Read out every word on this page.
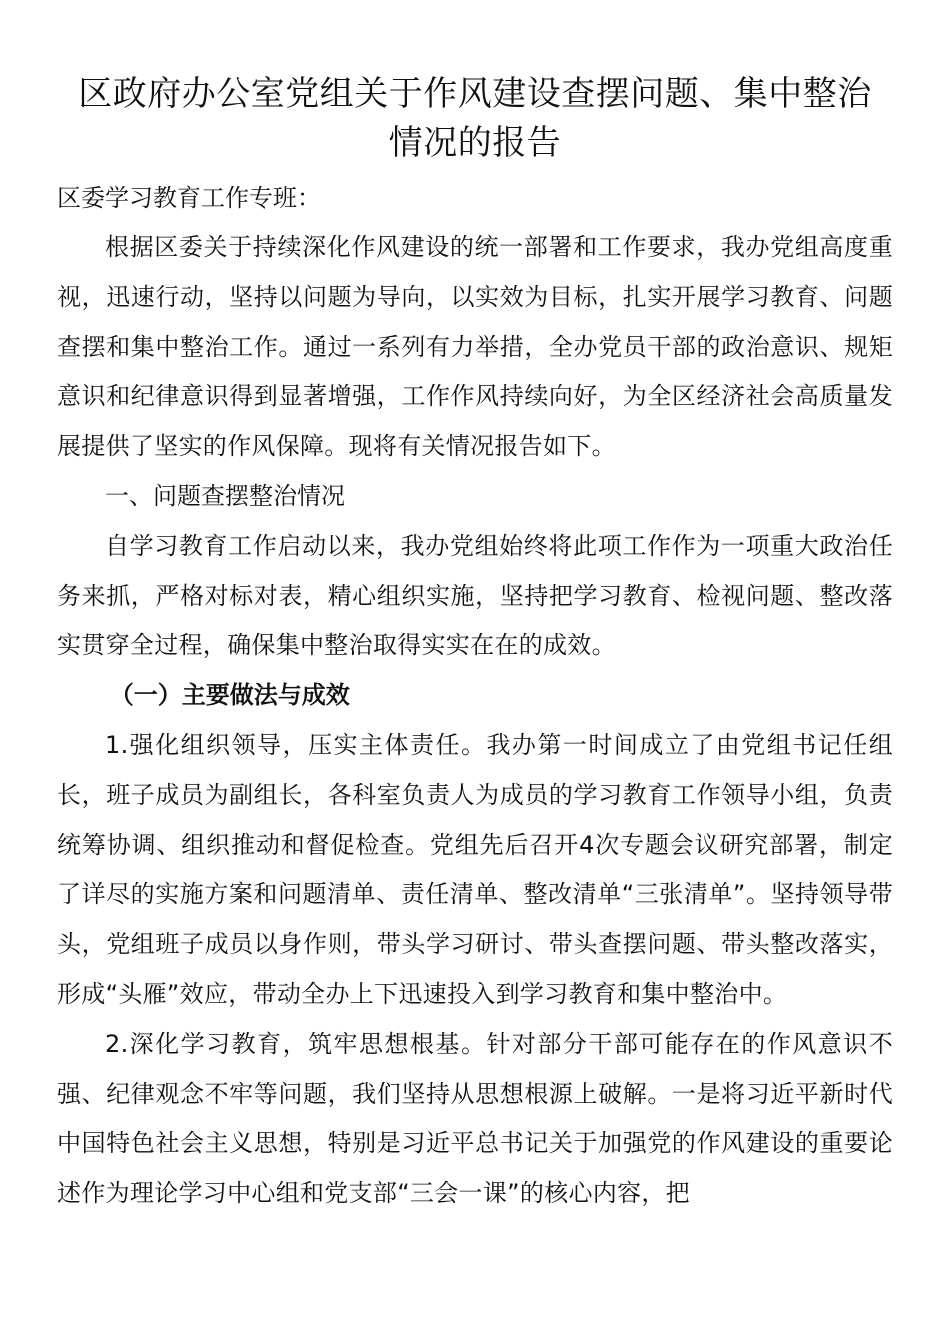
区政府办公室党组关于作风建设查摆问题、集中整治
情况的报告

区委学习教育工作专班：

根据区委关于持续深化作风建设的统一部署和工作要求，我办党组高度重视，迅速行动，坚持以问题为导向，以实效为目标，扎实开展学习教育、问题查摆和集中整治工作。通过一系列有力举措，全办党员干部的政治意识、规矩意识和纪律意识得到显著增强，工作作风持续向好，为全区经济社会高质量发展提供了坚实的作风保障。现将有关情况报告如下。

一、问题查摆整治情况

自学习教育工作启动以来，我办党组始终将此项工作作为一项重大政治任务来抓，严格对标对表，精心组织实施，坚持把学习教育、检视问题、整改落实贯穿全过程，确保集中整治取得实实在在的成效。

（一）主要做法与成效

1.强化组织领导，压实主体责任。我办第一时间成立了由党组书记任组长，班子成员为副组长，各科室负责人为成员的学习教育工作领导小组，负责统筹协调、组织推动和督促检查。党组先后召开4次专题会议研究部署，制定了详尽的实施方案和问题清单、责任清单、整改清单“三张清单”。坚持领导带头，党组班子成员以身作则，带头学习研讨、带头查摆问题、带头整改落实，形成“头雁”效应，带动全办上下迅速投入到学习教育和集中整治中。

2.深化学习教育，筑牢思想根基。针对部分干部可能存在的作风意识不强、纪律观念不牢等问题，我们坚持从思想根源上破解。一是将习近平新时代中国特色社会主义思想，特别是习近平总书记关于加强党的作风建设的重要论述作为理论学习中心组和党支部“三会一课”的核心内容，把
